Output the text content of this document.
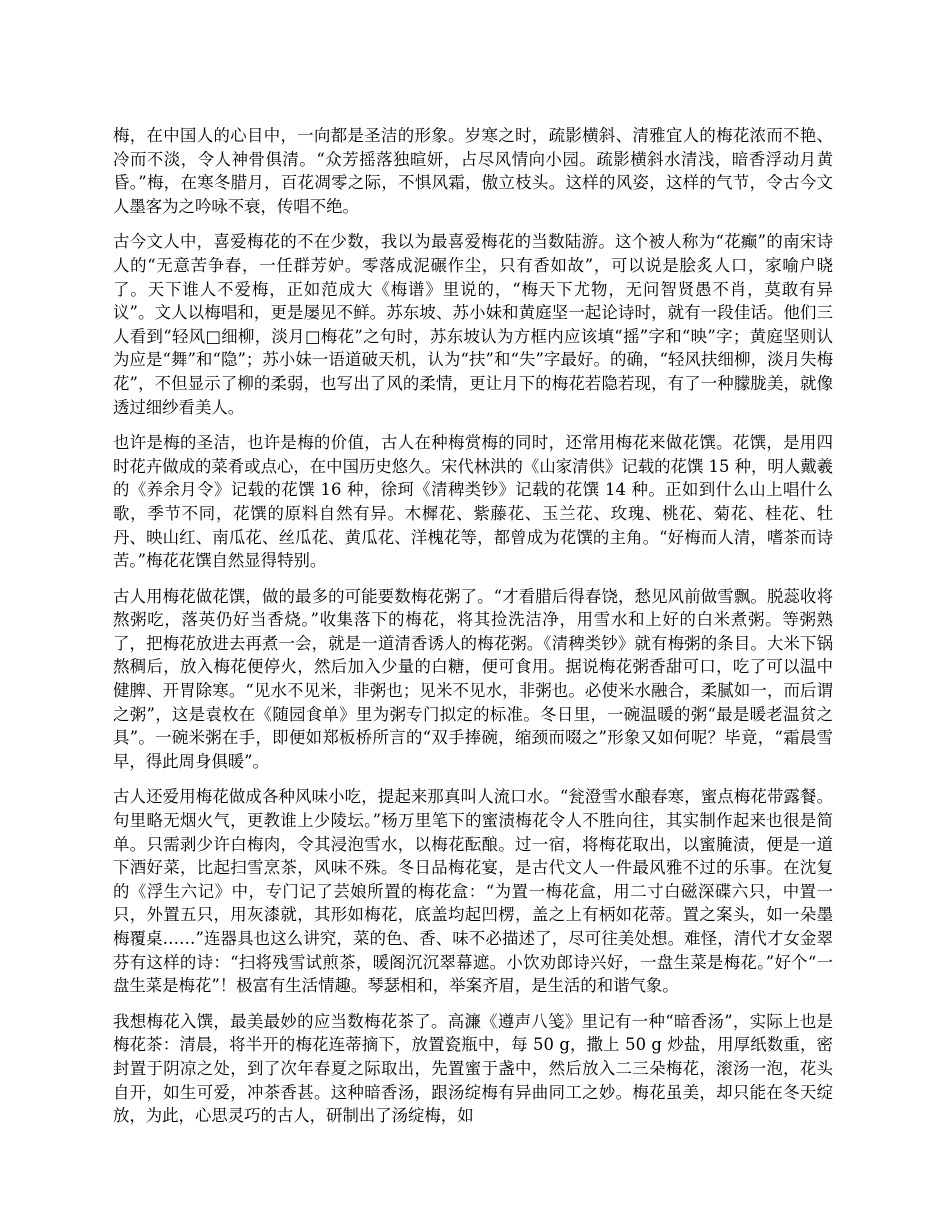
梅，在中国人的心目中，一向都是圣洁的形象。岁寒之时，疏影横斜、清雅宜人的梅花浓而不艳、冷而不淡，令人神骨俱清。“众芳摇落独暄妍，占尽风情向小园。疏影横斜水清浅，暗香浮动月黄昏。”梅，在寒冬腊月，百花凋零之际，不惧风霜，傲立枝头。这样的风姿，这样的气节，令古今文人墨客为之吟咏不衰，传唱不绝。

古今文人中，喜爱梅花的不在少数，我以为最喜爱梅花的当数陆游。这个被人称为“花癫”的南宋诗人的“无意苦争春，一任群芳妒。零落成泥碾作尘，只有香如故”，可以说是脍炙人口，家喻户晓了。天下谁人不爱梅，正如范成大《梅谱》里说的，“梅天下尤物，无问智贤愚不肖，莫敢有异议”。文人以梅唱和，更是屡见不鲜。苏东坡、苏小妹和黄庭坚一起论诗时，就有一段佳话。他们三人看到“轻风□细柳，淡月□梅花”之句时，苏东坡认为方框内应该填“摇”字和“映”字；黄庭坚则认为应是“舞”和“隐”；苏小妹一语道破天机，认为“扶”和“失”字最好。的确，“轻风扶细柳，淡月失梅花”，不但显示了柳的柔弱，也写出了风的柔情，更让月下的梅花若隐若现，有了一种朦胧美，就像透过细纱看美人。

也许是梅的圣洁，也许是梅的价值，古人在种梅赏梅的同时，还常用梅花来做花馔。花馔，是用四时花卉做成的菜肴或点心，在中国历史悠久。宋代林洪的《山家清供》记载的花馔 15 种，明人戴羲的《养余月令》记载的花馔 16 种，徐珂《清稗类钞》记载的花馔 14 种。正如到什么山上唱什么歌，季节不同，花馔的原料自然有异。木樨花、紫藤花、玉兰花、玫瑰、桃花、菊花、桂花、牡丹、映山红、南瓜花、丝瓜花、黄瓜花、洋槐花等，都曾成为花馔的主角。“好梅而人清，嗜茶而诗苦。”梅花花馔自然显得特别。

古人用梅花做花馔，做的最多的可能要数梅花粥了。“才看腊后得春饶，愁见风前做雪飘。脱蕊收将熬粥吃，落英仍好当香烧。”收集落下的梅花，将其捡洗洁净，用雪水和上好的白米煮粥。等粥熟了，把梅花放进去再煮一会，就是一道清香诱人的梅花粥。《清稗类钞》就有梅粥的条目。大米下锅熬稠后，放入梅花便停火，然后加入少量的白糖，便可食用。据说梅花粥香甜可口，吃了可以温中健脾、开胃除寒。“见水不见米，非粥也；见米不见水，非粥也。必使米水融合，柔腻如一，而后谓之粥”，这是袁枚在《随园食单》里为粥专门拟定的标准。冬日里，一碗温暖的粥“最是暖老温贫之具”。一碗米粥在手，即便如郑板桥所言的“双手捧碗，缩颈而啜之”形象又如何呢？毕竟，“霜晨雪早，得此周身俱暖”。

古人还爱用梅花做成各种风味小吃，提起来那真叫人流口水。“瓮澄雪水酿春寒，蜜点梅花带露餐。句里略无烟火气，更教谁上少陵坛。”杨万里笔下的蜜渍梅花令人不胜向往，其实制作起来也很是简单。只需剥少许白梅肉，令其浸泡雪水，以梅花酝酿。过一宿，将梅花取出，以蜜腌渍，便是一道下酒好菜，比起扫雪烹茶，风味不殊。冬日品梅花宴，是古代文人一件最风雅不过的乐事。在沈复的《浮生六记》中，专门记了芸娘所置的梅花盒：“为置一梅花盒，用二寸白磁深碟六只，中置一只，外置五只，用灰漆就，其形如梅花，底盖均起凹楞，盖之上有柄如花蒂。置之案头，如一朵墨梅覆桌……”连器具也这么讲究，菜的色、香、味不必描述了，尽可往美处想。难怪，清代才女金翠芬有这样的诗：“扫将残雪试煎茶，暖阁沉沉翠幕遮。小饮劝郎诗兴好，一盘生菜是梅花。”好个“一盘生菜是梅花”！极富有生活情趣。琴瑟相和，举案齐眉，是生活的和谐气象。

我想梅花入馔，最美最妙的应当数梅花茶了。高濂《遵声八笺》里记有一种“暗香汤”，实际上也是梅花茶：清晨，将半开的梅花连蒂摘下，放置瓷瓶中，每 50 g，撒上 50 g 炒盐，用厚纸数重，密封置于阴凉之处，到了次年春夏之际取出，先置蜜于盏中，然后放入二三朵梅花，滚汤一泡，花头自开，如生可爱，冲茶香甚。这种暗香汤，跟汤绽梅有异曲同工之妙。梅花虽美，却只能在冬天绽放，为此，心思灵巧的古人，研制出了汤绽梅，如
